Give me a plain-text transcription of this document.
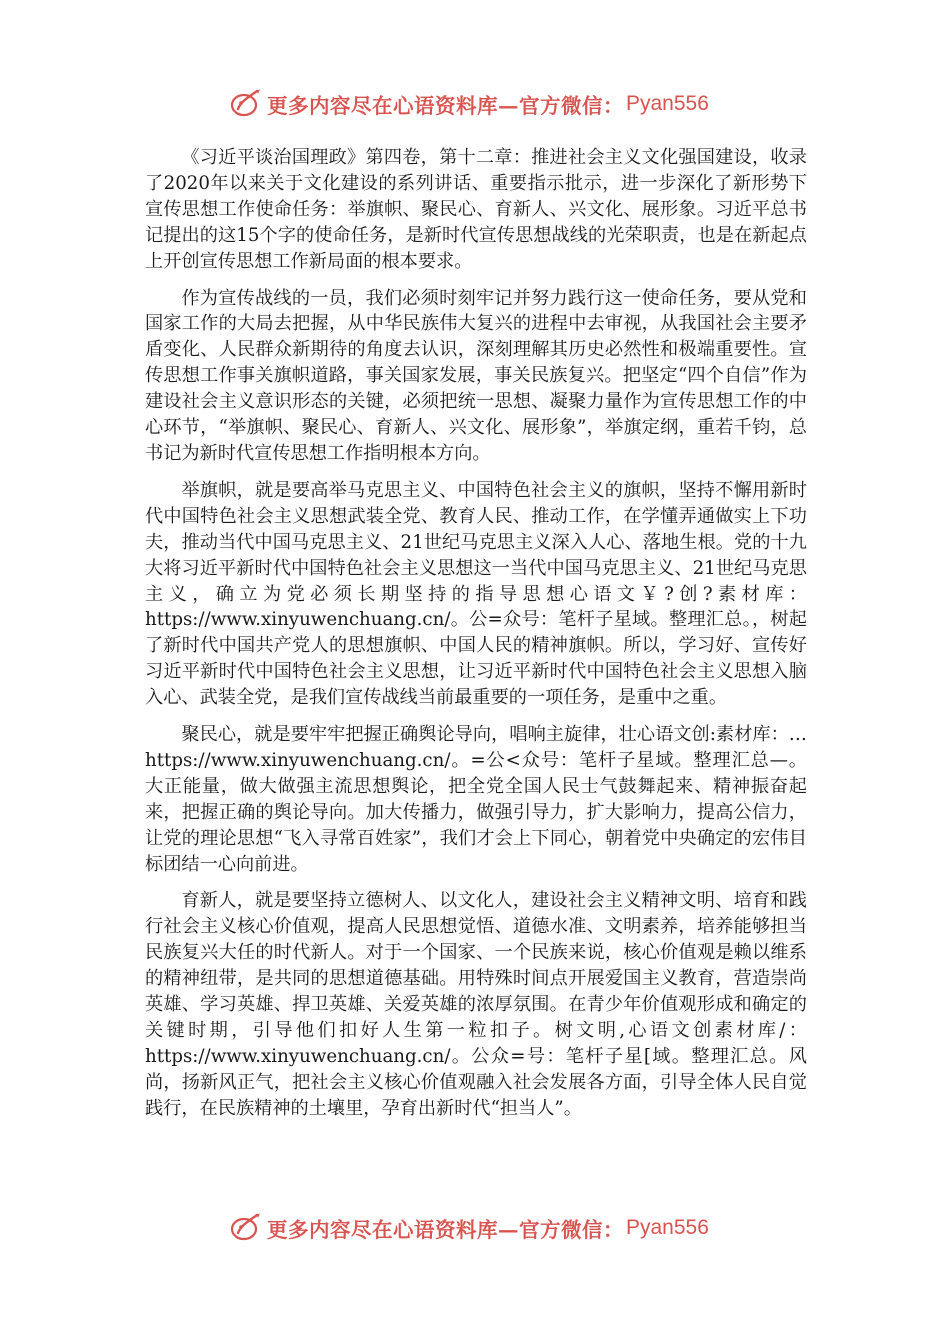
更多内容尽在心语资料库—官方微信： Pyan556

《习近平谈治国理政》第四卷，第十二章：推进社会主义文化强国建设，收录了2020年以来关于文化建设的系列讲话、重要指示批示，进一步深化了新形势下宣传思想工作使命任务：举旗帜、聚民心、育新人、兴文化、展形象。习近平总书记提出的这15个字的使命任务，是新时代宣传思想战线的光荣职责，也是在新起点上开创宣传思想工作新局面的根本要求。

作为宣传战线的一员，我们必须时刻牢记并努力践行这一使命任务，要从党和国家工作的大局去把握，从中华民族伟大复兴的进程中去审视，从我国社会主要矛盾变化、人民群众新期待的角度去认识，深刻理解其历史必然性和极端重要性。宣传思想工作事关旗帜道路，事关国家发展，事关民族复兴。把坚定“四个自信”作为建设社会主义意识形态的关键，必须把统一思想、凝聚力量作为宣传思想工作的中心环节，“举旗帜、聚民心、育新人、兴文化、展形象”，举旗定纲，重若千钧，总书记为新时代宣传思想工作指明根本方向。

举旗帜，就是要高举马克思主义、中国特色社会主义的旗帜，坚持不懈用新时代中国特色社会主义思想武装全党、教育人民、推动工作，在学懂弄通做实上下功夫，推动当代中国马克思主义、21世纪马克思主义深入人心、落地生根。党的十九大将习近平新时代中国特色社会主义思想这一当代中国马克思主义、21世纪马克思主义，确立为党必须长期坚持的指导思想心语文￥?创?素材库：https://www.xinyuwenchuang.cn/。公=众号：笔杆子星域。整理汇总。，树起了新时代中国共产党人的思想旗帜、中国人民的精神旗帜。所以，学习好、宣传好习近平新时代中国特色社会主义思想，让习近平新时代中国特色社会主义思想入脑入心、武装全党，是我们宣传战线当前最重要的一项任务，是重中之重。

聚民心，就是要牢牢把握正确舆论导向，唱响主旋律，壮心语文创:素材库：…https://www.xinyuwenchuang.cn/。=公<众号：笔杆子星域。整理汇总—。大正能量，做大做强主流思想舆论，把全党全国人民士气鼓舞起来、精神振奋起来，把握正确的舆论导向。加大传播力，做强引导力，扩大影响力，提高公信力，让党的理论思想“飞入寻常百姓家”，我们才会上下同心，朝着党中央确定的宏伟目标团结一心向前进。

育新人，就是要坚持立德树人、以文化人，建设社会主义精神文明、培育和践行社会主义核心价值观，提高人民思想觉悟、道德水准、文明素养，培养能够担当民族复兴大任的时代新人。对于一个国家、一个民族来说，核心价值观是赖以维系的精神纽带，是共同的思想道德基础。用特殊时间点开展爱国主义教育，营造崇尚英雄、学习英雄、捍卫英雄、关爱英雄的浓厚氛围。在青少年价值观形成和确定的关键时期，引导他们扣好人生第一粒扣子。树文明,心语文创素材库/：https://www.xinyuwenchuang.cn/。公众=号：笔杆子星[域。整理汇总。风尚，扬新风正气，把社会主义核心价值观融入社会发展各方面，引导全体人民自觉践行，在民族精神的土壤里，孕育出新时代“担当人”。

更多内容尽在心语资料库—官方微信： Pyan556
